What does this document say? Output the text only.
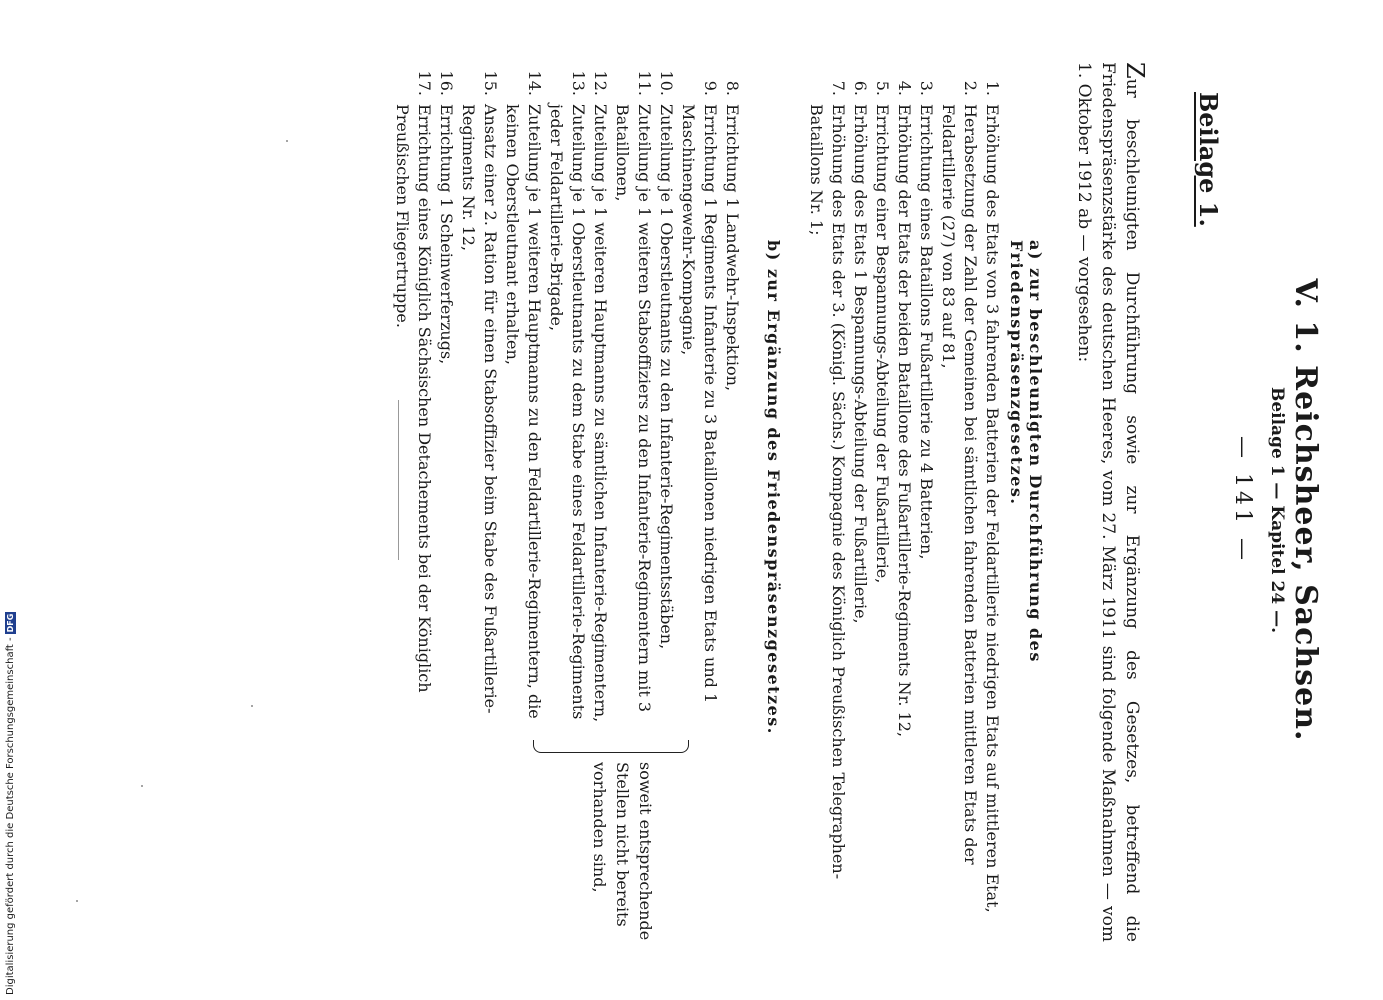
V. 1. Reichsheer, Sachsen.
Beilage 1 — Kapitel 24 —.
— 141 —
Beilage 1.
Zur beschleunigten Durchführung sowie zur Ergänzung des Gesetzes, betreffend die Friedenspräsenzstärke des deutschen Heeres, vom 27. März 1911 sind folgende Maßnahmen — vom 1. Oktober 1912 ab — vorgesehen:
a) zur beschleunigten Durchführung des Friedenspräsenzgesetzes.
1.
Erhöhung des Etats von 3 fahrenden Batterien der Feldartillerie niedrigen Etats auf mittleren Etat,
2.
Herabsetzung der Zahl der Gemeinen bei sämtlichen fahrenden Batterien mittleren Etats der Feldartillerie (27) von 83 auf 81,
3.
Errichtung eines Bataillons Fußartillerie zu 4 Batterien,
4.
Erhöhung der Etats der beiden Bataillone des Fußartillerie-Regiments Nr. 12,
5.
Errichtung einer Bespannungs-Abteilung der Fußartillerie,
6.
Erhöhung des Etats 1 Bespannungs-Abteilung der Fußartillerie,
7.
Erhöhung des Etats der 3. (Königl. Sächs.) Kompagnie des Königlich Preußischen Telegraphen-Bataillons Nr. 1;
b) zur Ergänzung des Friedenspräsenzgesetzes.
8.
Errichtung 1 Landwehr-Inspektion,
9.
Errichtung 1 Regiments Infanterie zu 3 Bataillonen niedrigen Etats und 1 Maschinengewehr-Kompagnie,
10.
Zuteilung je 1 Oberstleutnants zu den Infanterie-Regimentsstäben,
11.
Zuteilung je 1 weiteren Stabsoffiziers zu den Infanterie-Regimentern mit 3 Bataillonen,
12.
Zuteilung je 1 weiteren Hauptmanns zu sämtlichen Infanterie-Regimentern,
13.
Zuteilung je 1 Oberstleutnants zu dem Stabe eines Feldartillerie-Regiments jeder Feldartillerie-Brigade,
14.
Zuteilung je 1 weiteren Hauptmanns zu den Feldartillerie-Regimentern, die keinen Oberstleutnant erhalten,
15.
Ansatz einer 2. Ration für einen Stabsoffizier beim Stabe des Fußartillerie-Regiments Nr. 12,
16.
Errichtung 1 Scheinwerferzugs,
17.
Errichtung eines Königlich Sächsischen Detachements bei der Königlich Preußischen Fliegertruppe.
soweit entsprechende Stellen nicht bereits vorhanden sind,
Digitalisierung gefördert durch die Deutsche Forschungsgemeinschaft -DFG
